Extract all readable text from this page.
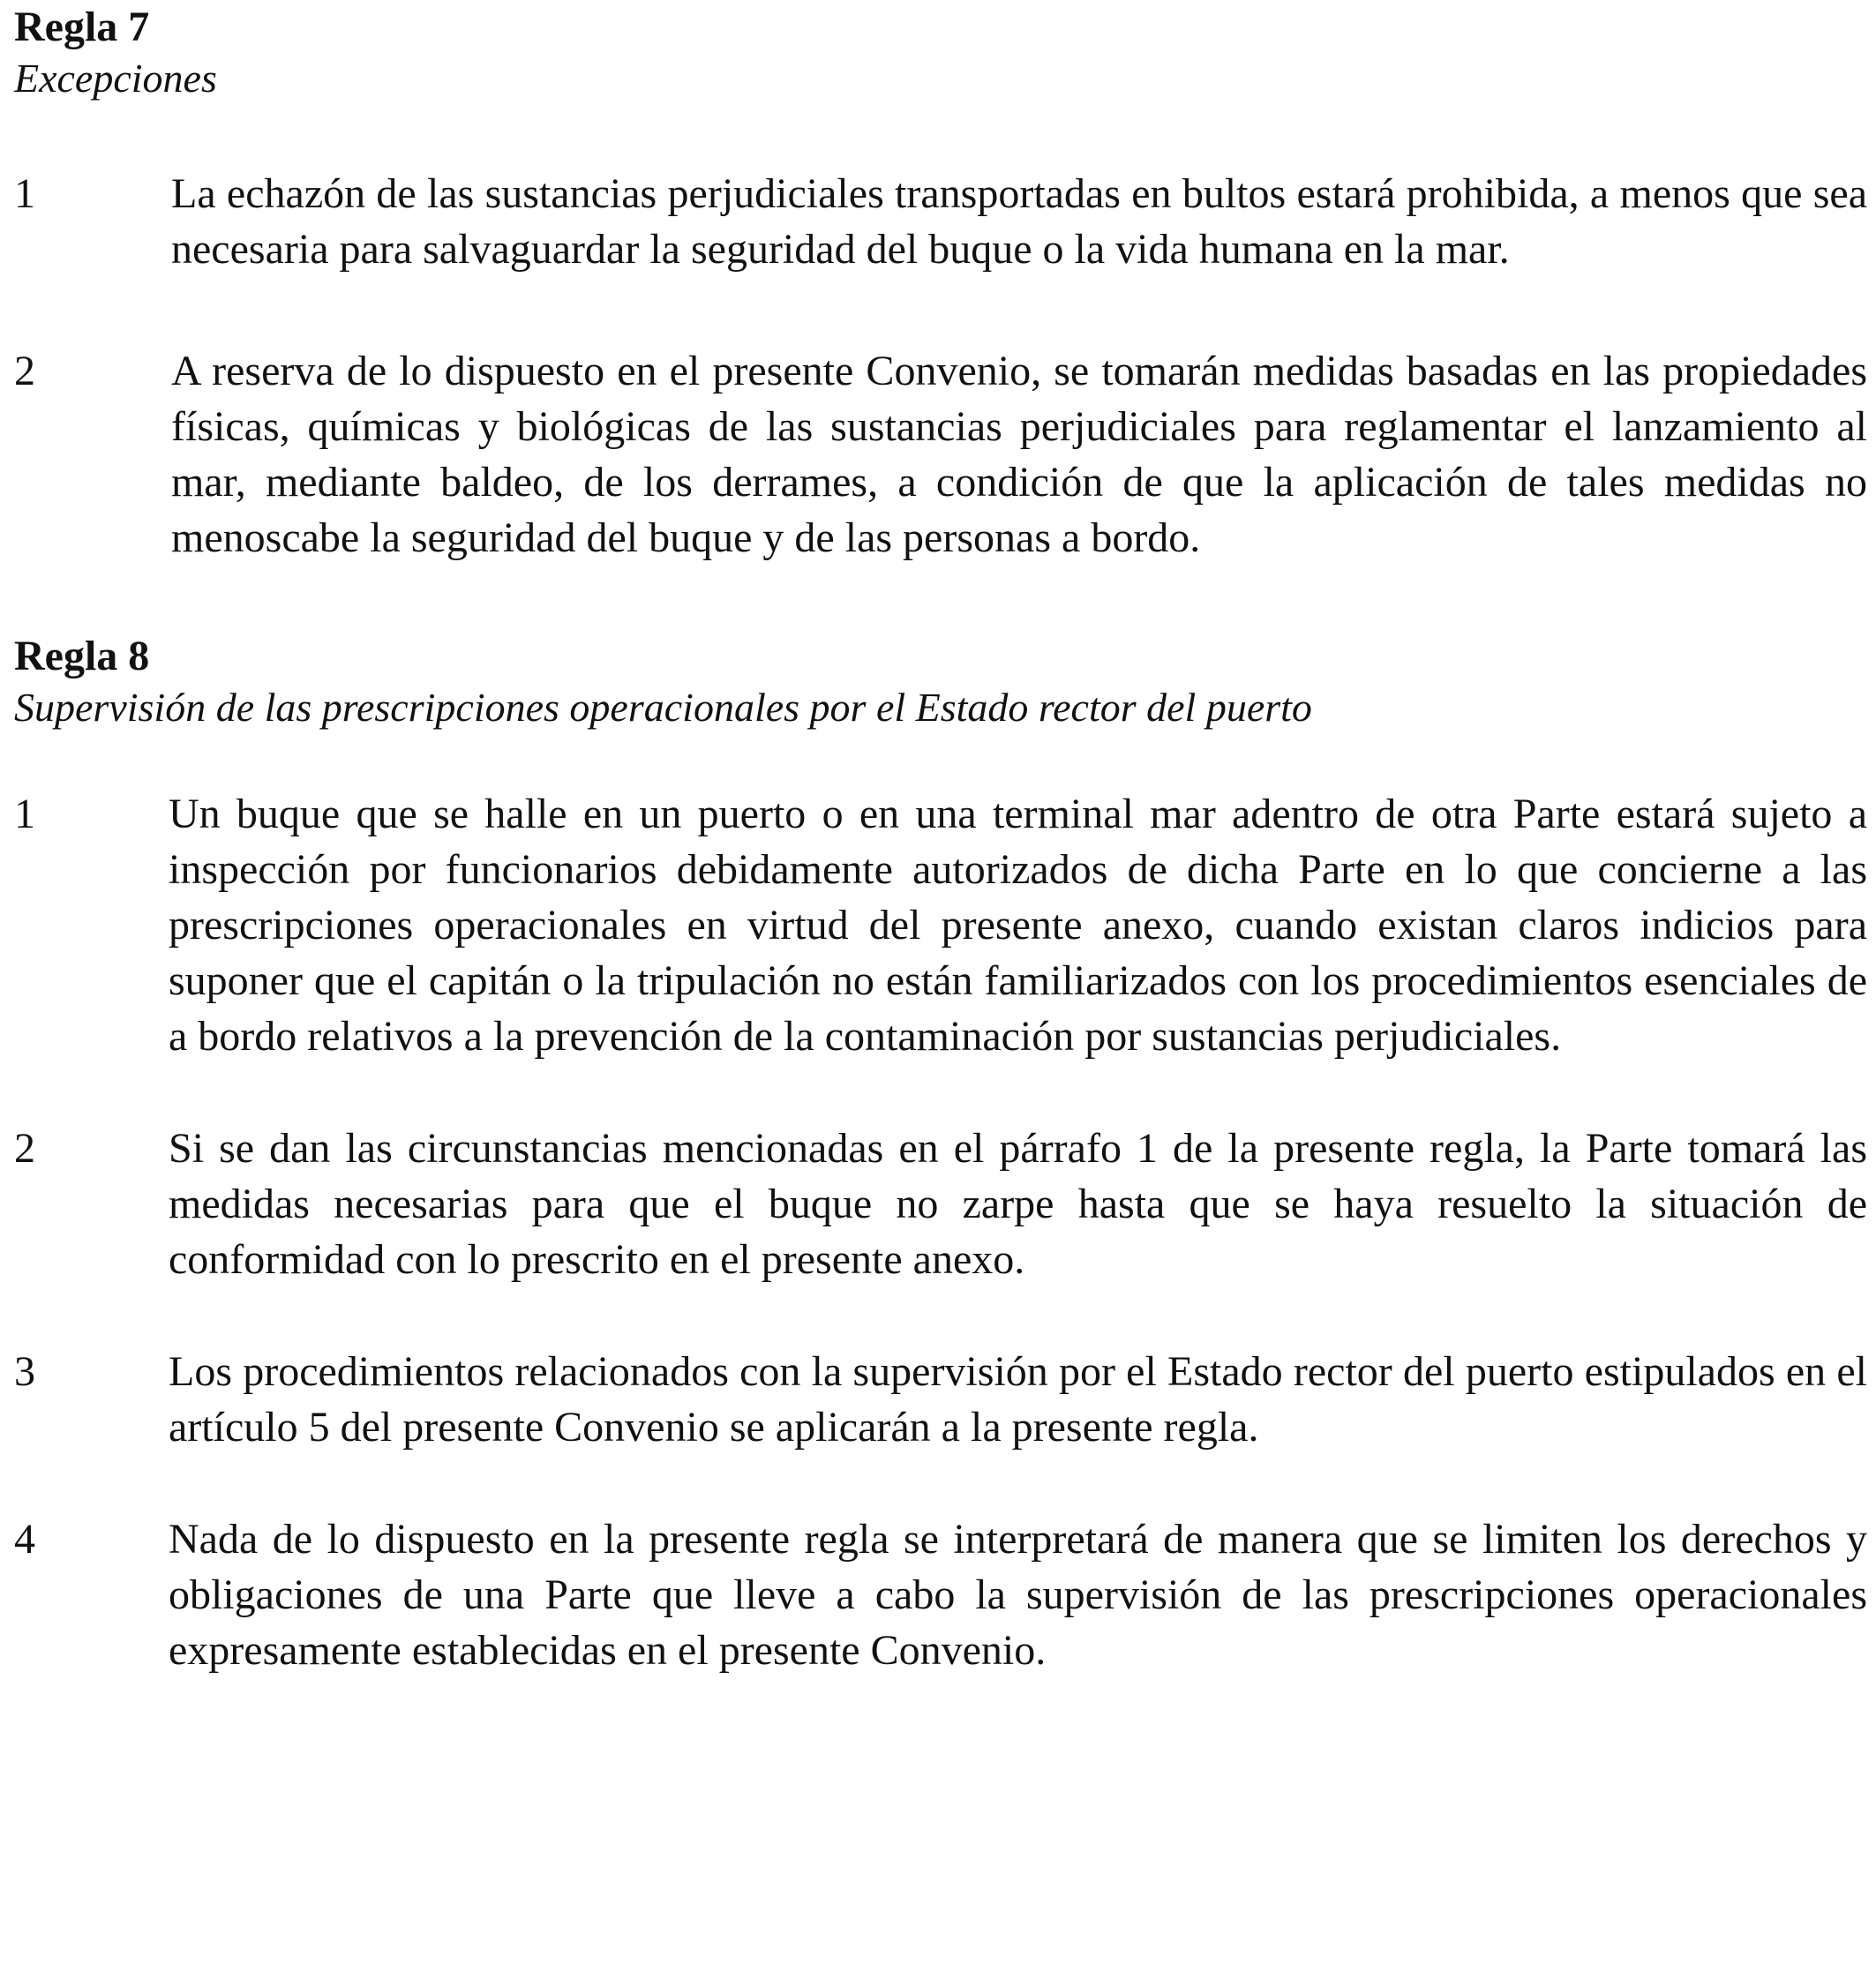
Regla 7
Excepciones
1	La echazón de las sustancias perjudiciales transportadas en bultos estará prohibida, a menos que sea necesaria para salvaguardar la seguridad del buque o la vida humana en la mar.
2	A reserva de lo dispuesto en el presente Convenio, se tomarán medidas basadas en las propiedades físicas, químicas y biológicas de las sustancias perjudiciales para reglamentar el lanzamiento al mar, mediante baldeo, de los derrames, a condición de que la aplicación de tales medidas no menoscabe la seguridad del buque y de las personas a bordo.
Regla 8
Supervisión de las prescripciones operacionales por el Estado rector del puerto
1	Un buque que se halle en un puerto o en una terminal mar adentro de otra Parte estará sujeto a inspección por funcionarios debidamente autorizados de dicha Parte en lo que concierne a las prescripciones operacionales en virtud del presente anexo, cuando existan claros indicios para suponer que el capitán o la tripulación no están familiarizados con los procedimientos esenciales de a bordo relativos a la prevención de la contaminación por sustancias perjudiciales.
2	Si se dan las circunstancias mencionadas en el párrafo 1 de la presente regla, la Parte tomará las medidas necesarias para que el buque no zarpe hasta que se haya resuelto la situación de conformidad con lo prescrito en el presente anexo.
3	Los procedimientos relacionados con la supervisión por el Estado rector del puerto estipulados en el artículo 5 del presente Convenio se aplicarán a la presente regla.
4	Nada de lo dispuesto en la presente regla se interpretará de manera que se limiten los derechos y obligaciones de una Parte que lleve a cabo la supervisión de las prescripciones operacionales expresamente establecidas en el presente Convenio.
